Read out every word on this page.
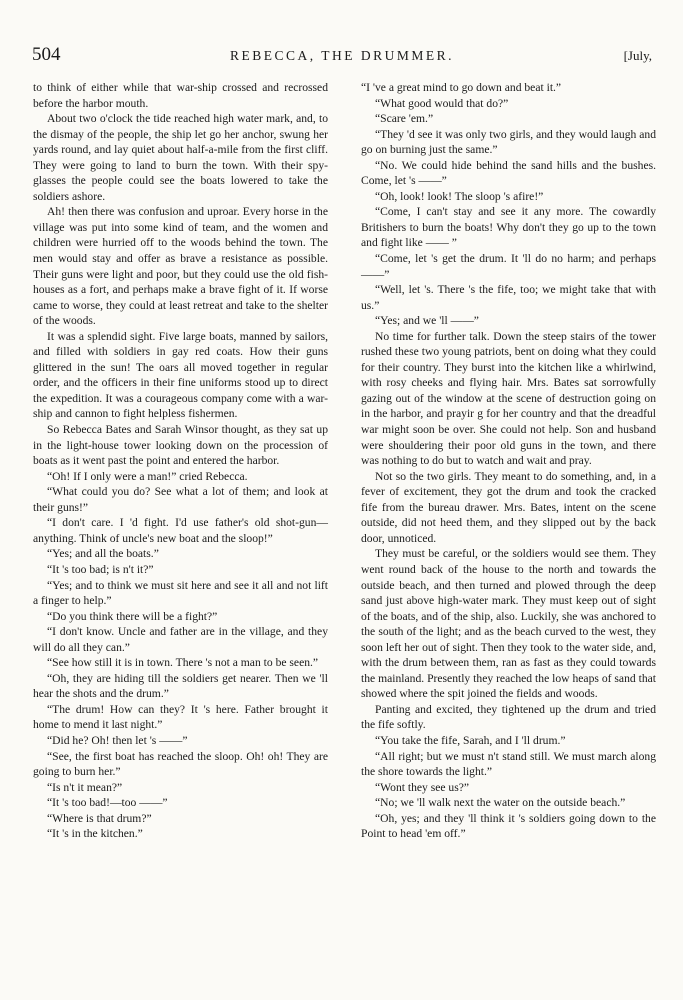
504	REBECCA, THE DRUMMER.	[July,

to think of either while that war-ship crossed and recrossed before the harbor mouth.

About two o'clock the tide reached high water mark, and, to the dismay of the people, the ship let go her anchor, swung her yards round, and lay quiet about half-a-mile from the first cliff. They were going to land to burn the town. With their spy-glasses the people could see the boats lowered to take the soldiers ashore.

Ah! then there was confusion and uproar. Every horse in the village was put into some kind of team, and the women and children were hurried off to the woods behind the town. The men would stay and offer as brave a resistance as possible. Their guns were light and poor, but they could use the old fish-houses as a fort, and perhaps make a brave fight of it. If worse came to worse, they could at least retreat and take to the shelter of the woods.

It was a splendid sight. Five large boats, manned by sailors, and filled with soldiers in gay red coats. How their guns glittered in the sun! The oars all moved together in regular order, and the officers in their fine uniforms stood up to direct the expedition. It was a courageous company come with a war-ship and cannon to fight helpless fishermen.

So Rebecca Bates and Sarah Winsor thought, as they sat up in the light-house tower looking down on the procession of boats as it went past the point and entered the harbor.

“Oh! If I only were a man!” cried Rebecca.

“What could you do? See what a lot of them; and look at their guns!”

“I don't care. I 'd fight. I'd use father's old shot-gun—anything. Think of uncle's new boat and the sloop!”

“Yes; and all the boats.”

“It 's too bad; is n't it?”

“Yes; and to think we must sit here and see it all and not lift a finger to help.”

“Do you think there will be a fight?”

“I don't know. Uncle and father are in the village, and they will do all they can.”

“See how still it is in town. There 's not a man to be seen.”

“Oh, they are hiding till the soldiers get nearer. Then we 'll hear the shots and the drum.”

“The drum! How can they? It 's here. Father brought it home to mend it last night.”

“Did he? Oh! then let 's ——”

“See, the first boat has reached the sloop. Oh! oh! They are going to burn her.”

“Is n't it mean?”

“It 's too bad!—too ——”

“Where is that drum?”

“It 's in the kitchen.”

“I 've a great mind to go down and beat it.”

“What good would that do?”

“Scare 'em.”

“They 'd see it was only two girls, and they would laugh and go on burning just the same.”

“No. We could hide behind the sand hills and the bushes. Come, let 's ——”

“Oh, look! look! The sloop 's afire!”

“Come, I can't stay and see it any more. The cowardly Britishers to burn the boats! Why don't they go up to the town and fight like —— ”

“Come, let 's get the drum. It 'll do no harm; and perhaps ——”

“Well, let 's. There 's the fife, too; we might take that with us.”

“Yes; and we 'll ——”

No time for further talk. Down the steep stairs of the tower rushed these two young patriots, bent on doing what they could for their country. They burst into the kitchen like a whirlwind, with rosy cheeks and flying hair. Mrs. Bates sat sorrowfully gazing out of the window at the scene of destruction going on in the harbor, and prayir g for her country and that the dreadful war might soon be over. She could not help. Son and husband were shouldering their poor old guns in the town, and there was nothing to do but to watch and wait and pray.

Not so the two girls. They meant to do something, and, in a fever of excitement, they got the drum and took the cracked fife from the bureau drawer. Mrs. Bates, intent on the scene outside, did not heed them, and they slipped out by the back door, unnoticed.

They must be careful, or the soldiers would see them. They went round back of the house to the north and towards the outside beach, and then turned and plowed through the deep sand just above high-water mark. They must keep out of sight of the boats, and of the ship, also. Luckily, she was anchored to the south of the light; and as the beach curved to the west, they soon left her out of sight. Then they took to the water side, and, with the drum between them, ran as fast as they could towards the mainland. Presently they reached the low heaps of sand that showed where the spit joined the fields and woods.

Panting and excited, they tightened up the drum and tried the fife softly.

“You take the fife, Sarah, and I 'll drum.”

“All right; but we must n't stand still. We must march along the shore towards the light.”

“Wont they see us?”

“No; we 'll walk next the water on the outside beach.”

“Oh, yes; and they 'll think it 's soldiers going down to the Point to head 'em off.”
